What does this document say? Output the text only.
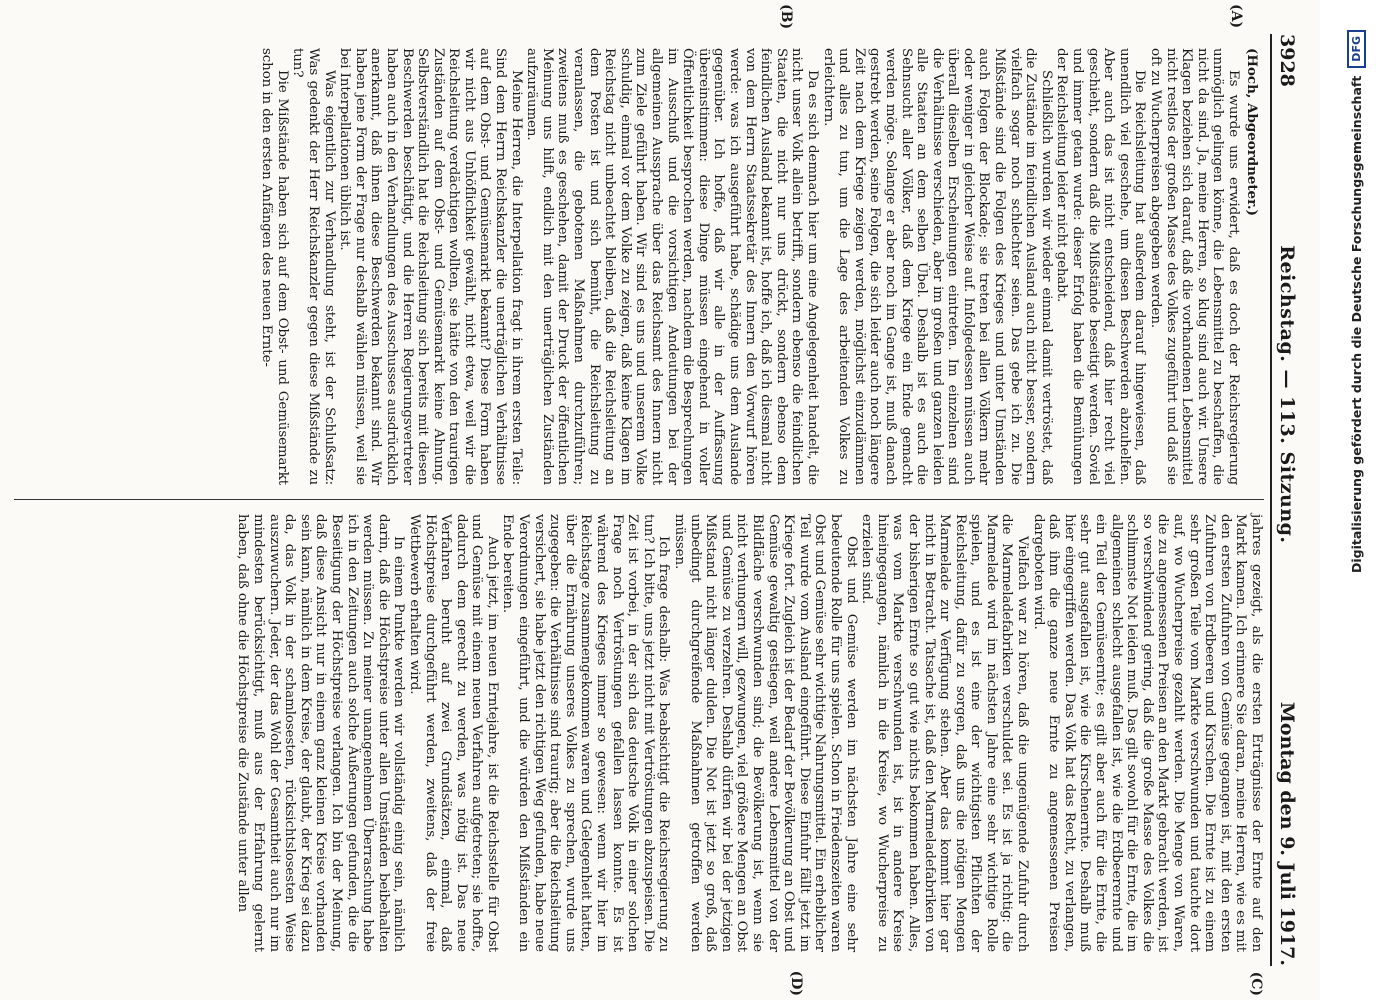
3928
Reichstag. — 113. Sitzung.
Montag den 9. Juli 1917.
(A)
(B)
(Hoch, Abgeordneter.)

Es wurde uns erwidert, daß es doch der Reichsregierung unmöglich gelingen könne, die Lebensmittel zu beschaffen, die nicht da sind. Ja, meine Herren, so klug sind auch wir. Unsere Klagen beziehen sich darauf, daß die vorhandenen Lebensmittel nicht restlos der großen Masse des Volkes zugeführt und daß sie oft zu Wucherpreisen abgegeben werden.

Die Reichsleitung hat außerdem darauf hingewiesen, daß unendlich viel geschehe, um diesen Beschwerden abzuhelfen. Aber auch das ist nicht entscheidend, daß hier recht viel geschieht, sondern daß die Mißstände beseitigt werden. Soviel und immer getan wurde: dieser Erfolg haben die Bemühungen der Reichsleitung leider nicht gehabt.

Schließlich wurden wir wieder einmal damit vertröstet, daß die Zustände im feindlichen Ausland auch nicht besser, sondern vielfach sogar noch schlechter seien. Das gebe ich zu. Die Mißstände sind die Folgen des Krieges und unter Umständen auch Folgen der Blockade; sie treten bei allen Völkern mehr oder weniger in gleicher Weise auf. Infolgedessen müssen auch überall dieselben Erscheinungen eintreten. Im einzelnen sind die Verhältnisse verschieden, aber im großen und ganzen leiden alle Staaten an dem selben Übel. Deshalb ist es auch die Sehnsucht aller Völker, daß dem Kriege ein Ende gemacht werden möge. Solange er aber noch im Gange ist, muß danach gestrebt werden, seine Folgen, die sich leider auch noch längere Zeit nach dem Kriege zeigen werden, möglichst einzudämmen und alles zu tun, um die Lage des arbeitenden Volkes zu erleichtern.

Da es sich demnach hier um eine Angelegenheit handelt, die nicht unser Volk allein betrifft, sondern ebenso die feindlichen Staaten, die nicht nur uns drückt, sondern ebenso dem feindlichen Ausland bekannt ist, hoffe ich, daß ich diesmal nicht von dem Herrn Staatssekretär des Innern den Vorwurf hören werde: was ich ausgeführt habe, schädige uns dem Auslande gegenüber. Ich hoffe, daß wir alle in der Auffassung übereinstimmen: diese Dinge müssen eingehend in voller Öffentlichkeit besprochen werden, nachdem die Besprechungen im Ausschuß und die vorsichtigen Andeutungen bei der allgemeinen Aussprache über das Reichsamt des Innern nicht zum Ziele geführt haben. Wir sind es uns und unserem Volke schuldig, einmal vor dem Volke zu zeigen, daß keine Klagen im Reichstag nicht unbeachtet bleiben, daß die Reichsleitung an dem Posten ist und sich bemüht, die Reichsleitung zu veranlassen, die gebotenen Maßnahmen durchzuführen; zweitens muß es geschehen, damit der Druck der öffentlichen Meinung uns hilft, endlich mit den unerträglichen Zuständen aufzuräumen.

Meine Herren, die Interpellation fragt in ihrem ersten Teile: Sind dem Herrn Reichskanzler die unerträglichen Verhältnisse auf dem Obst- und Gemüsemarkt bekannt? Diese Form haben wir nicht aus Unhöflichkeit gewählt, nicht etwa, weil wir die Reichsleitung verdächtigen wollten, sie hätte von den traurigen Zuständen auf dem Obst- und Gemüsemarkt keine Ahnung. Selbstverständlich hat die Reichsleitung sich bereits mit diesen Beschwerden beschäftigt, und die Herren Regierungsvertreter haben auch in den Verhandlungen des Ausschusses ausdrücklich anerkannt, daß ihnen diese Beschwerden bekannt sind. Wir haben jene Form der Frage nur deshalb wählen müssen, weil sie bei Interpellationen üblich ist.

Was eigentlich zur Verhandlung steht, ist der Schlußsatz: Was gedenkt der Herr Reichskanzler gegen diese Mißstände zu tun?

Die Mißstände haben sich auf dem Obst- und Gemüsemarkt schon in den ersten Anfängen des neuen Ernte-

(C)
(D)

jahres gezeigt, als die ersten Erträgnisse der Ernte auf den Markt kamen. Ich erinnere Sie daran, meine Herren, wie es mit den ersten Zufuhren von Gemüse gegangen ist, mit den ersten Zufuhren von Erdbeeren und Kirschen. Die Ernte ist zu einem sehr großen Teile vom Markte verschwunden und tauchte dort auf, wo Wucherpreise gezahlt werden. Die Menge von Waren, die zu angemessenen Preisen an den Markt gebracht werden, ist so verschwindend gering, daß die große Masse des Volkes die schlimmste Not leiden muß. Das gilt sowohl für die Ernte, die im allgemeinen schlecht ausgefallen ist, wie die Erdbeerernte und ein Teil der Gemüseernte; es gilt aber auch für die Ernte, die sehr gut ausgefallen ist, wie die Kirschenernte. Deshalb muß hier eingegriffen werden. Das Volk hat das Recht, zu verlangen, daß ihm die ganze neue Ernte zu angemessenen Preisen dargeboten wird.

Vielfach war zu hören, daß die ungenügende Zufuhr durch die Marmeladefabriken verschuldet sei. Es ist ja richtig: die Marmelade wird im nächsten Jahre eine sehr wichtige Rolle spielen, und es ist eine der wichtigsten Pflichten der Reichsleitung, dafür zu sorgen, daß uns die nötigen Mengen Marmelade zur Verfügung stehen. Aber das kommt hier gar nicht in Betracht. Tatsache ist, daß den Marmeladefabriken von der bisherigen Ernte so gut wie nichts bekommen haben. Alles, was vom Markte verschwunden ist, ist in andere Kreise hineingegangen, nämlich in die Kreise, wo Wucherpreise zu erzielen sind.

Obst und Gemüse werden im nächsten Jahre eine sehr bedeutende Rolle für uns spielen. Schon in Friedenszeiten waren Obst und Gemüse sehr wichtige Nahrungsmittel. Ein erheblicher Teil wurde vom Ausland eingeführt. Diese Einfuhr fällt jetzt im Kriege fort. Zugleich ist der Bedarf der Bevölkerung an Obst und Gemüse gewaltig gestiegen, weil andere Lebensmittel von der Bildfläche verschwunden sind; die Bevölkerung ist, wenn sie nicht verhungern will, gezwungen, viel größere Mengen an Obst und Gemüse zu verzehren. Deshalb dürfen wir bei der jetzigen Mißstand nicht länger dulden. Die Not ist jetzt so groß, daß unbedingt durchgreifende Maßnahmen getroffen werden müssen.

Ich frage deshalb: Was beabsichtigt die Reichsregierung zu tun? Ich bitte, uns jetzt nicht mit Vertröstungen abzuspeisen. Die Zeit ist vorbei, in der sich das deutsche Volk in einer solchen Frage noch Vertröstungen gefallen lassen konnte. Es ist während des Krieges immer so gewesen: wenn wir hier im Reichstage zusammengekommen waren und Gelegenheit hatten, über die Ernährung unseres Volkes zu sprechen, wurde uns zugegeben: die Verhältnisse sind traurig; aber die Reichsleitung versichert, sie habe jetzt den richtigen Weg gefunden, habe neue Verordnungen eingeführt, und die würden den Mißständen ein Ende bereiten.

Auch jetzt, im neuen Erntejahre, ist die Reichsstelle für Obst und Gemüse mit einem neuen Verfahren aufgetreten; sie hoffte, dadurch dem gerecht zu werden, was nötig ist. Das neue Verfahren beruht auf zwei Grundsätzen, einmal, daß Höchstpreise durchgeführt werden, zweitens, daß der freie Wettbewerb erhalten wird.

In einem Punkte werden wir vollständig einig sein, nämlich darin, daß die Höchstpreise unter allen Umständen beibehalten werden müssen. Zu meiner unangenehmen Überraschung habe ich in den Zeitungen auch solche Äußerungen gefunden, die die Beseitigung der Höchstpreise verlangen. Ich bin der Meinung, daß diese Ansicht nur in einem ganz kleinen Kreise vorhanden sein kann, nämlich in dem Kreise, der glaubt, der Krieg sei dazu da, das Volk in der schamlosesten, rücksichtslosesten Weise auszuwuchern. Jeder, der das Wohl der Gesamtheit auch nur im mindesten berücksichtigt, muß aus der Erfahrung gelernt haben, daß ohne die Höchstpreise die Zustände unter allen

Digitalisierung gefördert durch die Deutsche Forschungsgemeinschaft
DFG
